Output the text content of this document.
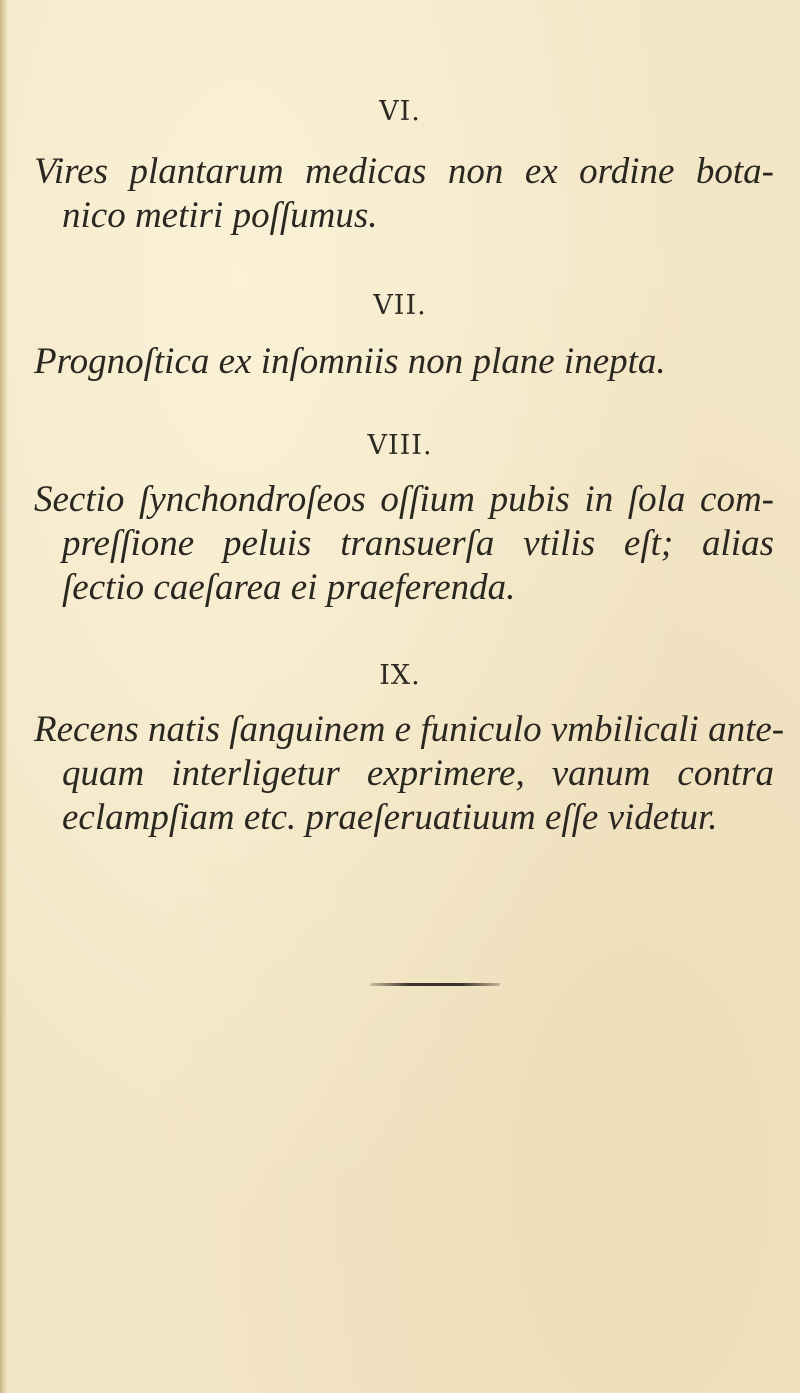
VI.
Vires plantarum medicas non ex ordine bota-
nico metiri poſſumus.
VII.
Prognoſtica ex inſomniis non plane inepta.
VIII.
Sectio ſynchondroſeos oſſium pubis in ſola com-
preſſione peluis transuerſa vtilis eſt; alias
ſectio caeſarea ei praeferenda.
IX.
Recens natis ſanguinem e funiculo vmbilicali ante-
quam interligetur exprimere, vanum contra
eclampſiam etc. praeſeruatiuum eſſe videtur.
